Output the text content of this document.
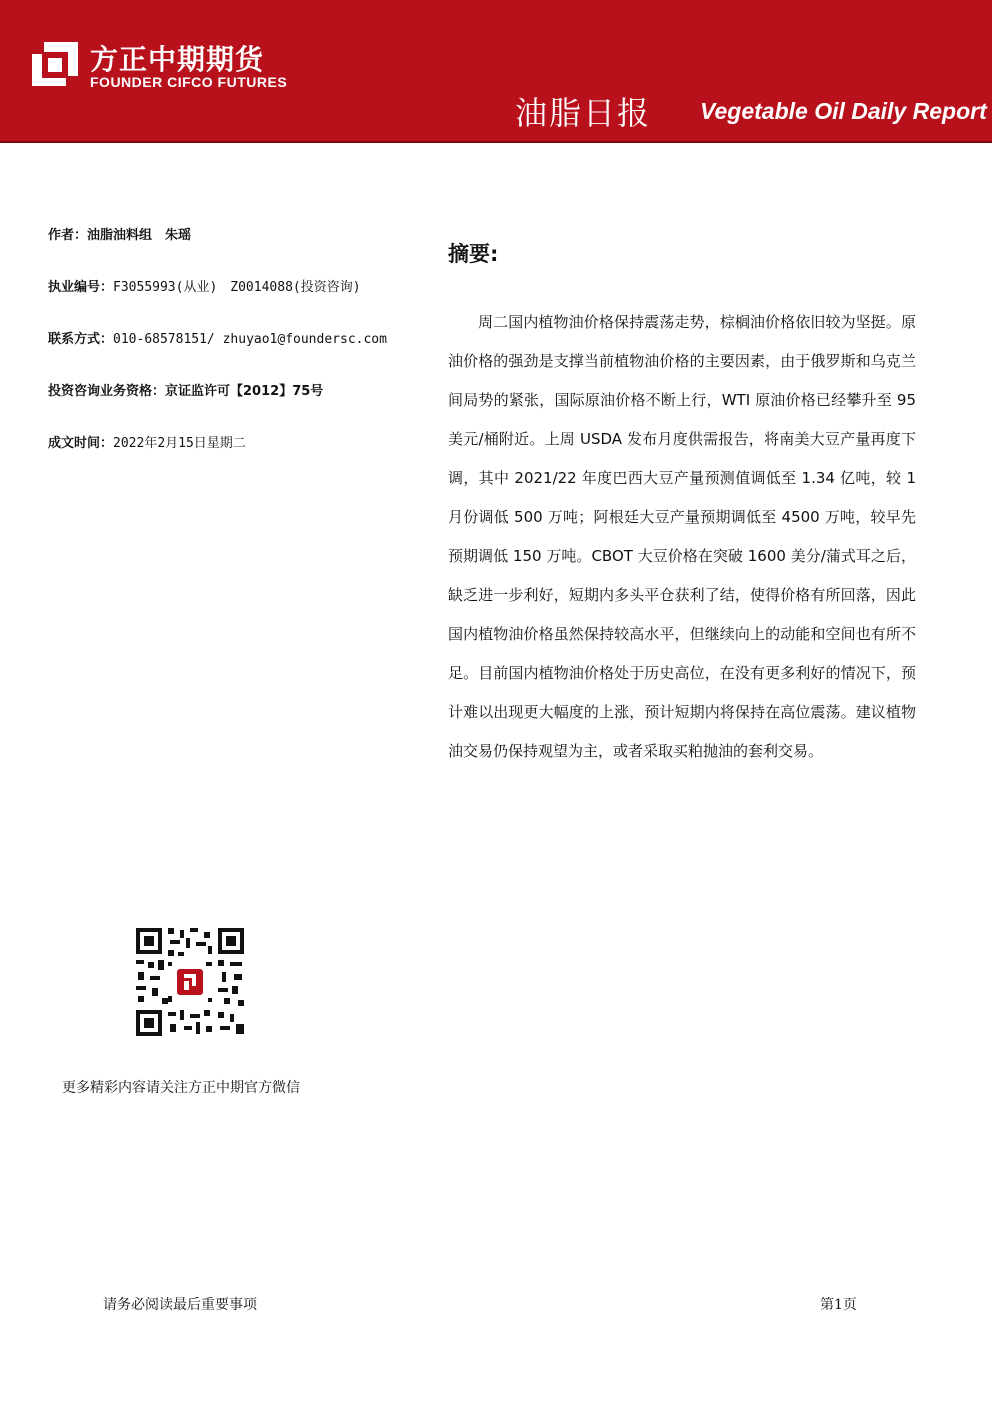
方正中期期货
FOUNDER CIFCO FUTURES
油脂日报 Vegetable Oil Daily Report
作者：油脂油料组　朱瑶
执业编号：F3055993(从业)　Z0014088(投资咨询)
联系方式：010-68578151/ zhuyao1@foundersc.com
投资咨询业务资格：京证监许可【2012】75号
成文时间：2022年2月15日星期二
摘要:
周二国内植物油价格保持震荡走势，棕榈油价格依旧较为坚挺。原油价格的强劲是支撑当前植物油价格的主要因素，由于俄罗斯和乌克兰间局势的紧张，国际原油价格不断上行，WTI 原油价格已经攀升至 95 美元/桶附近。上周 USDA 发布月度供需报告，将南美大豆产量再度下调，其中 2021/22 年度巴西大豆产量预测值调低至 1.34 亿吨，较 1 月份调低 500 万吨；阿根廷大豆产量预期调低至 4500 万吨，较早先预期调低 150 万吨。CBOT 大豆价格在突破 1600 美分/蒲式耳之后，缺乏进一步利好，短期内多头平仓获利了结，使得价格有所回落，因此国内植物油价格虽然保持较高水平，但继续向上的动能和空间也有所不足。目前国内植物油价格处于历史高位，在没有更多利好的情况下，预计难以出现更大幅度的上涨，预计短期内将保持在高位震荡。建议植物油交易仍保持观望为主，或者采取买粕抛油的套利交易。
更多精彩内容请关注方正中期官方微信
请务必阅读最后重要事项	第1页
